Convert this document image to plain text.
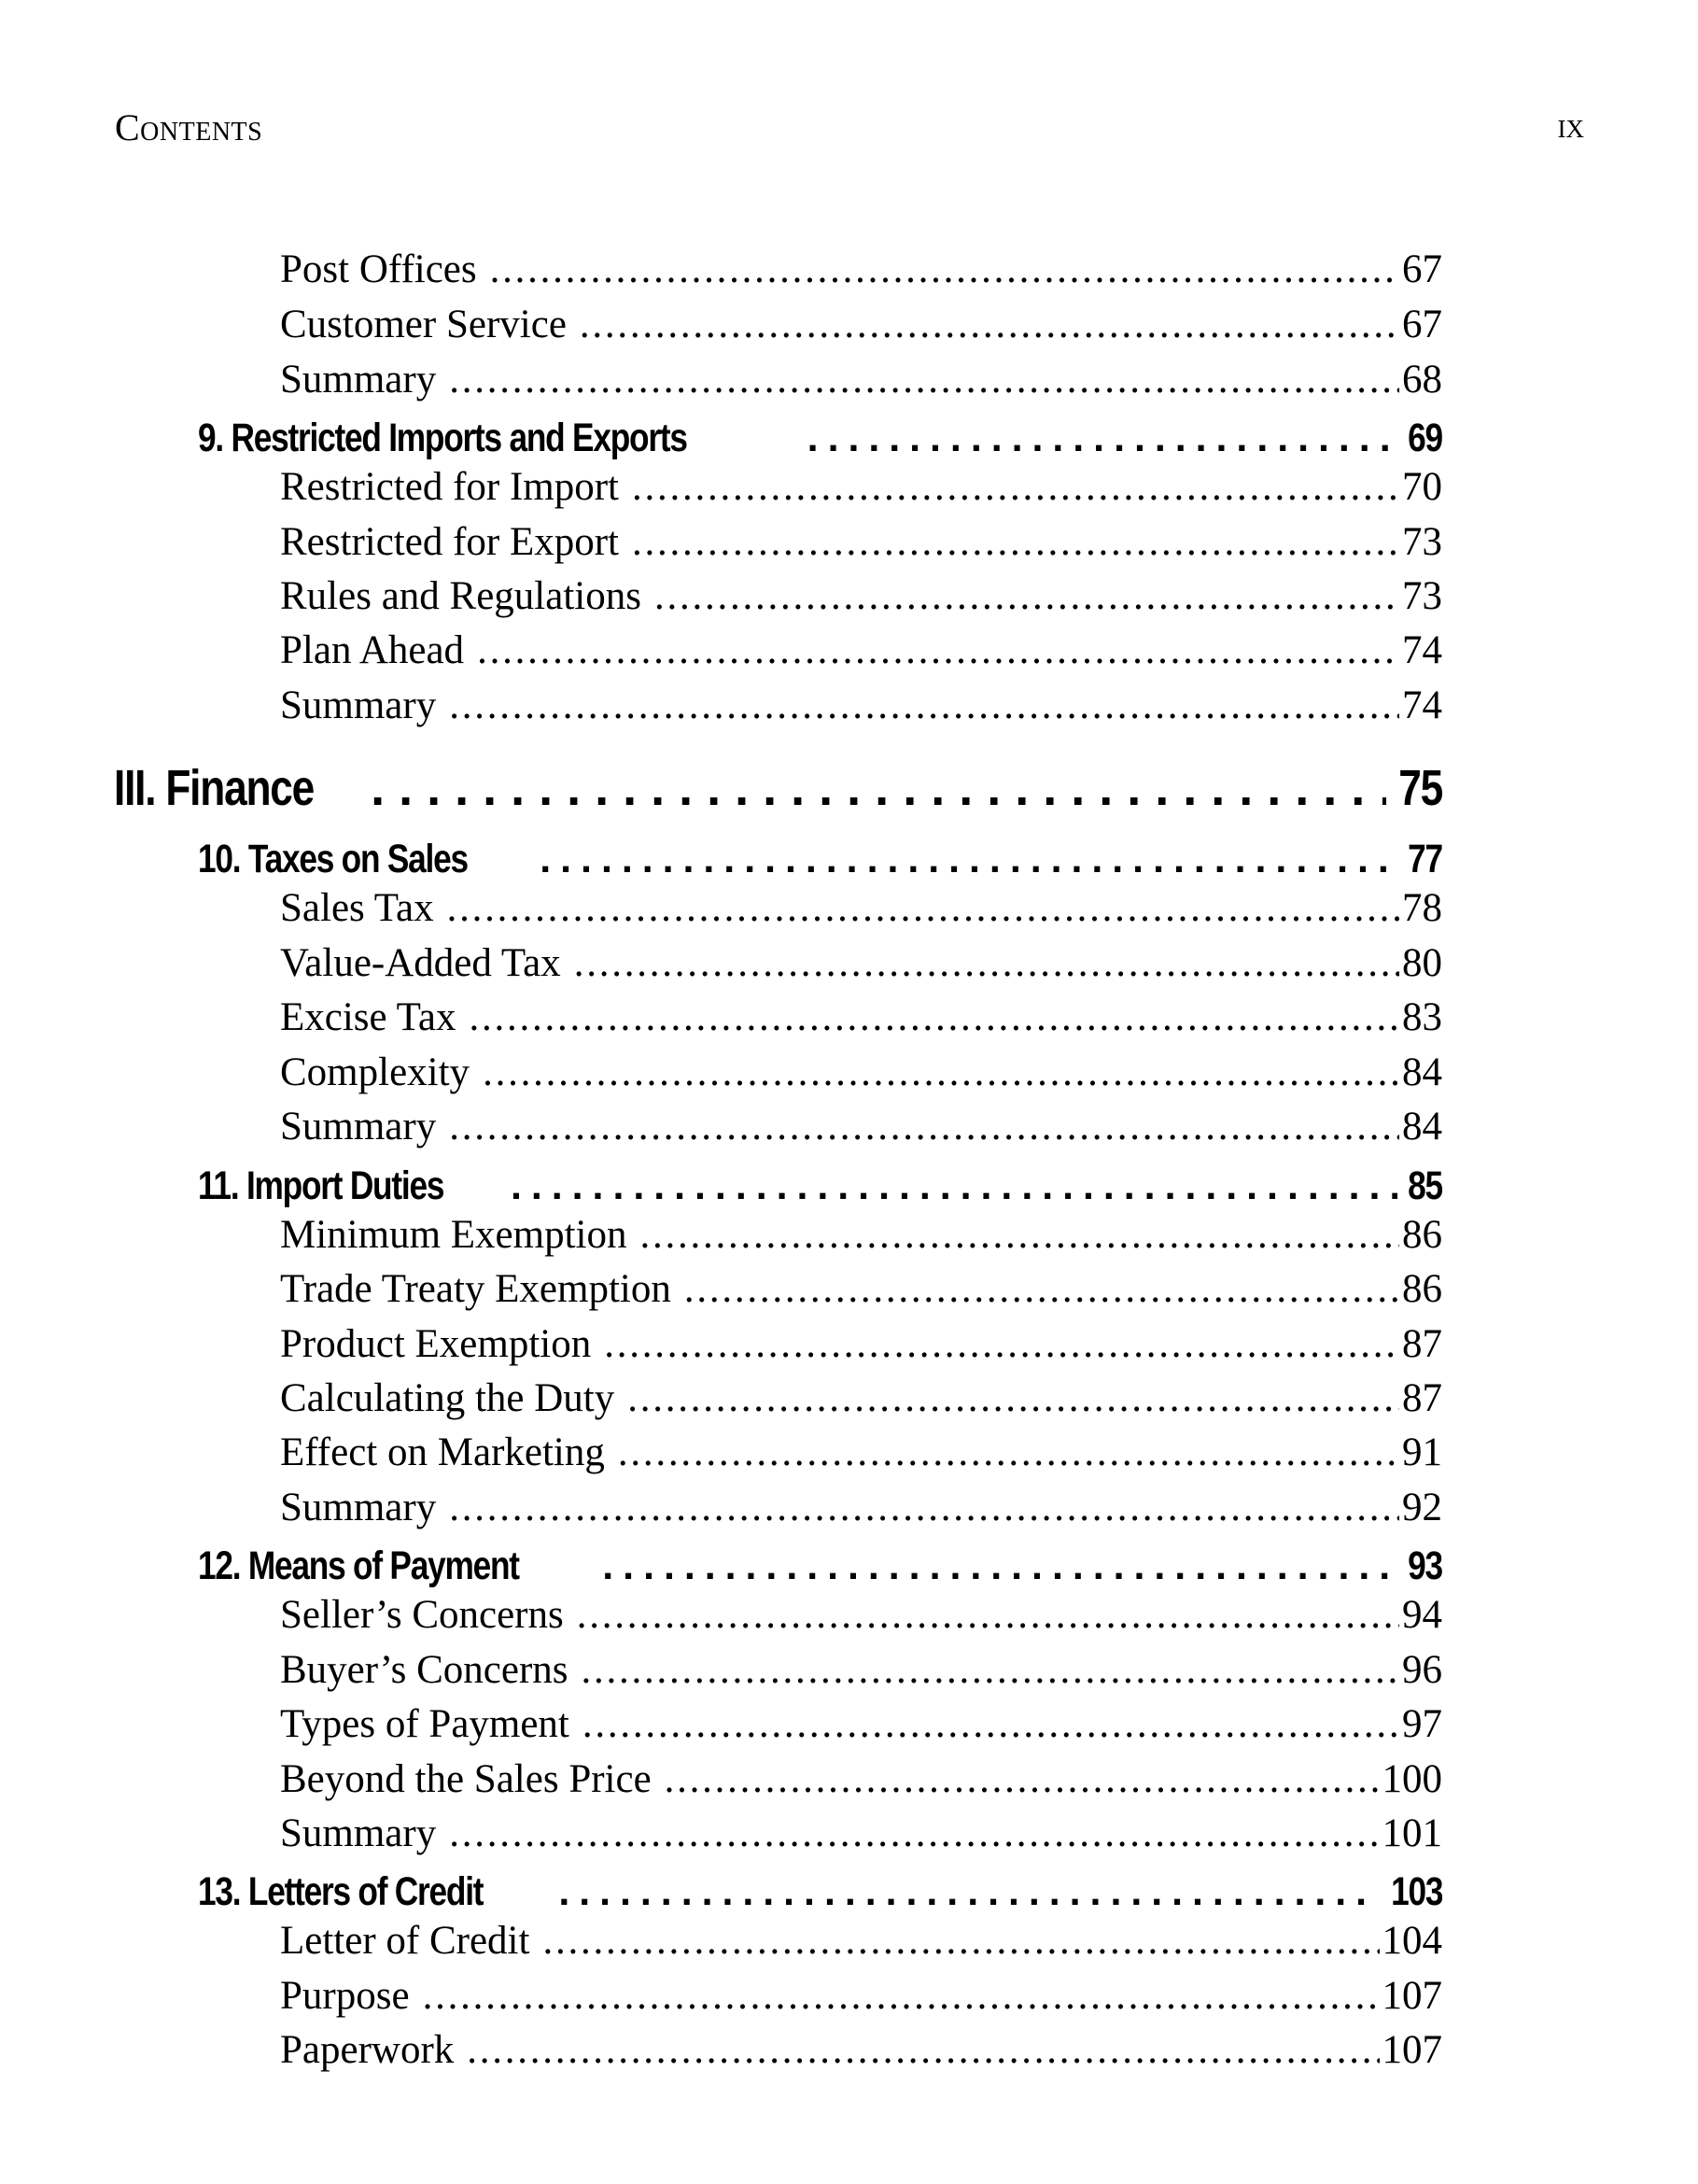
Contents	ix
Post Offices . . .	67
Customer Service . . .	67
Summary . . .	68
9. Restricted Imports and Exports . . .	69
Restricted for Import . . .	70
Restricted for Export . . .	73
Rules and Regulations . . .	73
Plan Ahead . . .	74
Summary . . .	74
III. Finance . . .	75
10. Taxes on Sales . . .	77
Sales Tax . . .	78
Value-Added Tax . . .	80
Excise Tax . . .	83
Complexity . . .	84
Summary . . .	84
11. Import Duties . . .	85
Minimum Exemption . . .	86
Trade Treaty Exemption . . .	86
Product Exemption . . .	87
Calculating the Duty . . .	87
Effect on Marketing . . .	91
Summary . . .	92
12. Means of Payment . . .	93
Seller’s Concerns . . .	94
Buyer’s Concerns . . .	96
Types of Payment . . .	97
Beyond the Sales Price . . .	100
Summary . . .	101
13. Letters of Credit . . .	103
Letter of Credit . . .	104
Purpose . . .	107
Paperwork . . .	107
